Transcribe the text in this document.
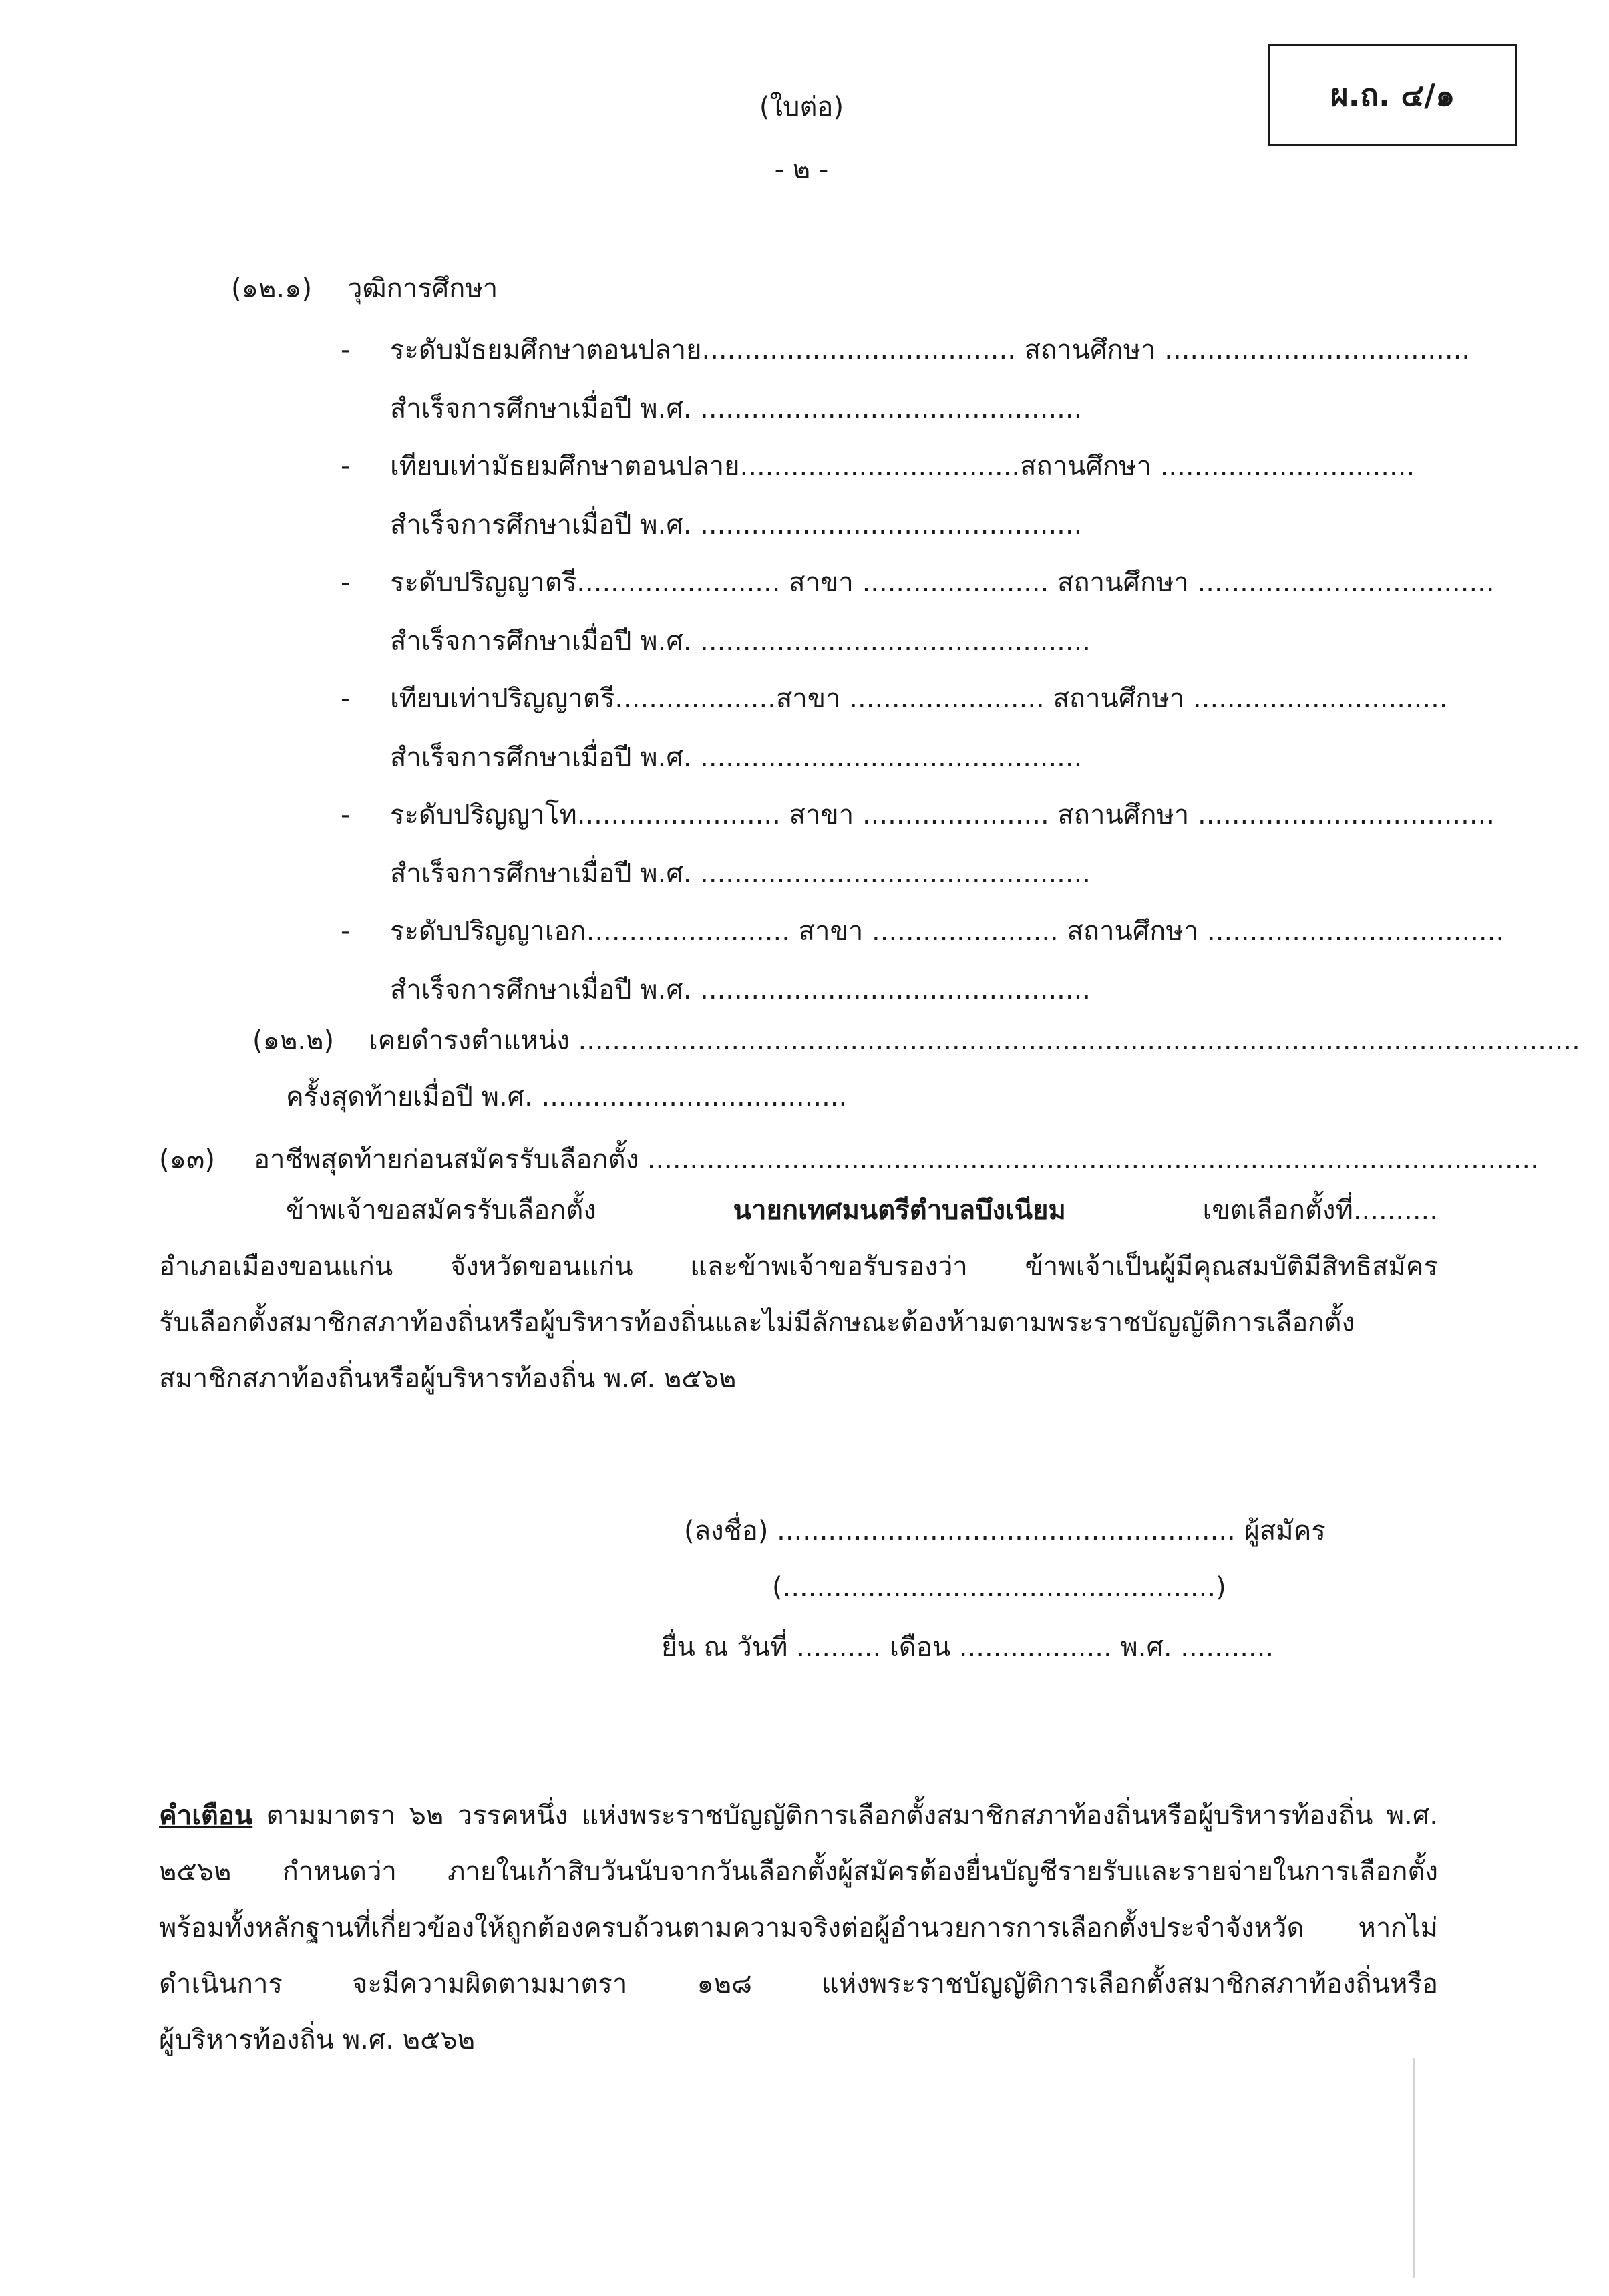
ผ.ถ. ๔/๑
(ใบต่อ)
- ๒ -
(๑๒.๑) วุฒิการศึกษา
- ระดับมัธยมศึกษาตอนปลาย..................................... สถานศึกษา ....................................
สำเร็จการศึกษาเมื่อปี พ.ศ. .............................................
- เทียบเท่ามัธยมศึกษาตอนปลาย.................................สถานศึกษา ..............................
สำเร็จการศึกษาเมื่อปี พ.ศ. .............................................
- ระดับปริญญาตรี........................ สาขา ...................... สถานศึกษา ...................................
สำเร็จการศึกษาเมื่อปี พ.ศ. ..............................................
- เทียบเท่าปริญญาตรี...................สาขา ....................... สถานศึกษา ..............................
สำเร็จการศึกษาเมื่อปี พ.ศ. .............................................
- ระดับปริญญาโท........................ สาขา ...................... สถานศึกษา ...................................
สำเร็จการศึกษาเมื่อปี พ.ศ. ..............................................
- ระดับปริญญาเอก........................ สาขา ...................... สถานศึกษา ...................................
สำเร็จการศึกษาเมื่อปี พ.ศ. ..............................................
(๑๒.๒) เคยดำรงตำแหน่ง ......................................................................................................................
ครั้งสุดท้ายเมื่อปี พ.ศ. ....................................
(๑๓) อาชีพสุดท้ายก่อนสมัครรับเลือกตั้ง .........................................................................................................
ข้าพเจ้าขอสมัครรับเลือกตั้ง	นายกเทศมนตรีตำบลบึงเนียม	เขตเลือกตั้งที่..........
อำเภอเมืองขอนแก่น จังหวัดขอนแก่น และข้าพเจ้าขอรับรองว่า ข้าพเจ้าเป็นผู้มีคุณสมบัติมีสิทธิสมัคร
รับเลือกตั้งสมาชิกสภาท้องถิ่นหรือผู้บริหารท้องถิ่นและไม่มีลักษณะต้องห้ามตามพระราชบัญญัติการเลือกตั้ง
สมาชิกสภาท้องถิ่นหรือผู้บริหารท้องถิ่น พ.ศ. ๒๕๖๒
(ลงชื่อ) ...................................................... ผู้สมัคร
(...................................................)
ยื่น ณ วันที่ .......... เดือน .................. พ.ศ. ...........
คำเตือน ตามมาตรา ๖๒ วรรคหนึ่ง แห่งพระราชบัญญัติการเลือกตั้งสมาชิกสภาท้องถิ่นหรือผู้บริหารท้องถิ่น พ.ศ.
๒๕๖๒ กำหนดว่า ภายในเก้าสิบวันนับจากวันเลือกตั้งผู้สมัครต้องยื่นบัญชีรายรับและรายจ่ายในการเลือกตั้ง
พร้อมทั้งหลักฐานที่เกี่ยวข้องให้ถูกต้องครบถ้วนตามความจริงต่อผู้อำนวยการการเลือกตั้งประจำจังหวัด หากไม่
ดำเนินการ จะมีความผิดตามมาตรา ๑๒๘ แห่งพระราชบัญญัติการเลือกตั้งสมาชิกสภาท้องถิ่นหรือ
ผู้บริหารท้องถิ่น พ.ศ. ๒๕๖๒
